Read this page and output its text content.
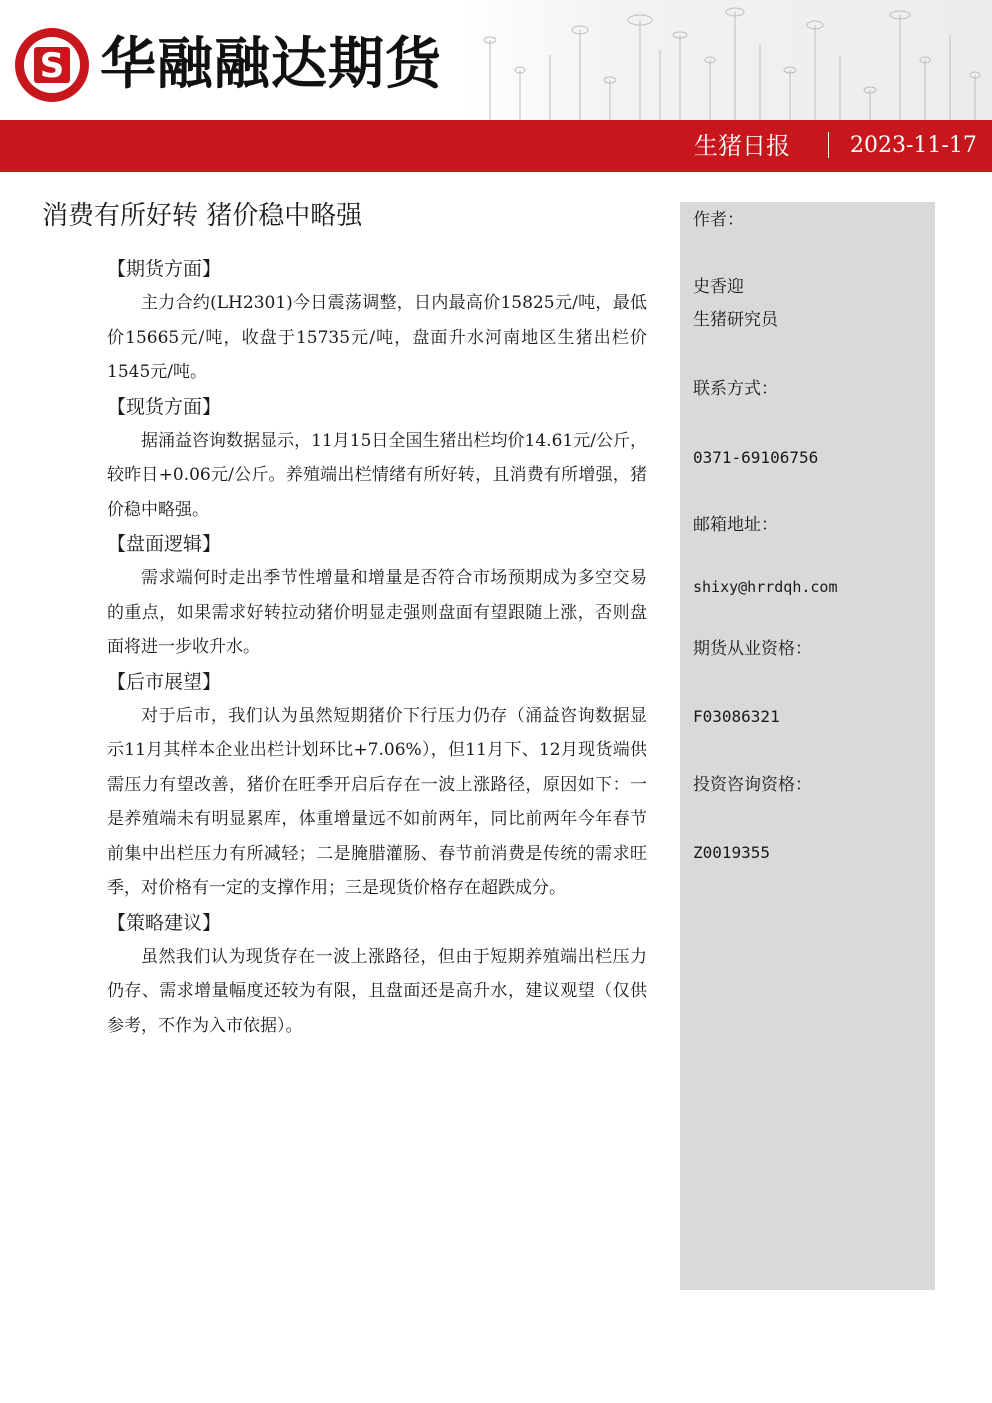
S 华融融达期货
生猪日报	2023-11-17
消费有所好转 猪价稳中略强
【期货方面】

主力合约(LH2301)今日震荡调整，日内最高价15825元/吨，最低价15665元/吨，收盘于15735元/吨，盘面升水河南地区生猪出栏价1545元/吨。

【现货方面】

据涌益咨询数据显示，11月15日全国生猪出栏均价14.61元/公斤，较昨日+0.06元/公斤。养殖端出栏情绪有所好转，且消费有所增强，猪价稳中略强。

【盘面逻辑】

需求端何时走出季节性增量和增量是否符合市场预期成为多空交易的重点，如果需求好转拉动猪价明显走强则盘面有望跟随上涨，否则盘面将进一步收升水。

【后市展望】

对于后市，我们认为虽然短期猪价下行压力仍存（涌益咨询数据显示11月其样本企业出栏计划环比+7.06%），但11月下、12月现货端供需压力有望改善，猪价在旺季开启后存在一波上涨路径，原因如下：一是养殖端未有明显累库，体重增量远不如前两年，同比前两年今年春节前集中出栏压力有所减轻；二是腌腊灌肠、春节前消费是传统的需求旺季，对价格有一定的支撑作用；三是现货价格存在超跌成分。

【策略建议】

虽然我们认为现货存在一波上涨路径，但由于短期养殖端出栏压力仍存、需求增量幅度还较为有限，且盘面还是高升水，建议观望（仅供参考，不作为入市依据）。

作者：
史香迎
生猪研究员
联系方式：
0371-69106756
邮箱地址：
shixy@hrrdqh.com
期货从业资格：
F03086321
投资咨询资格：
Z0019355
